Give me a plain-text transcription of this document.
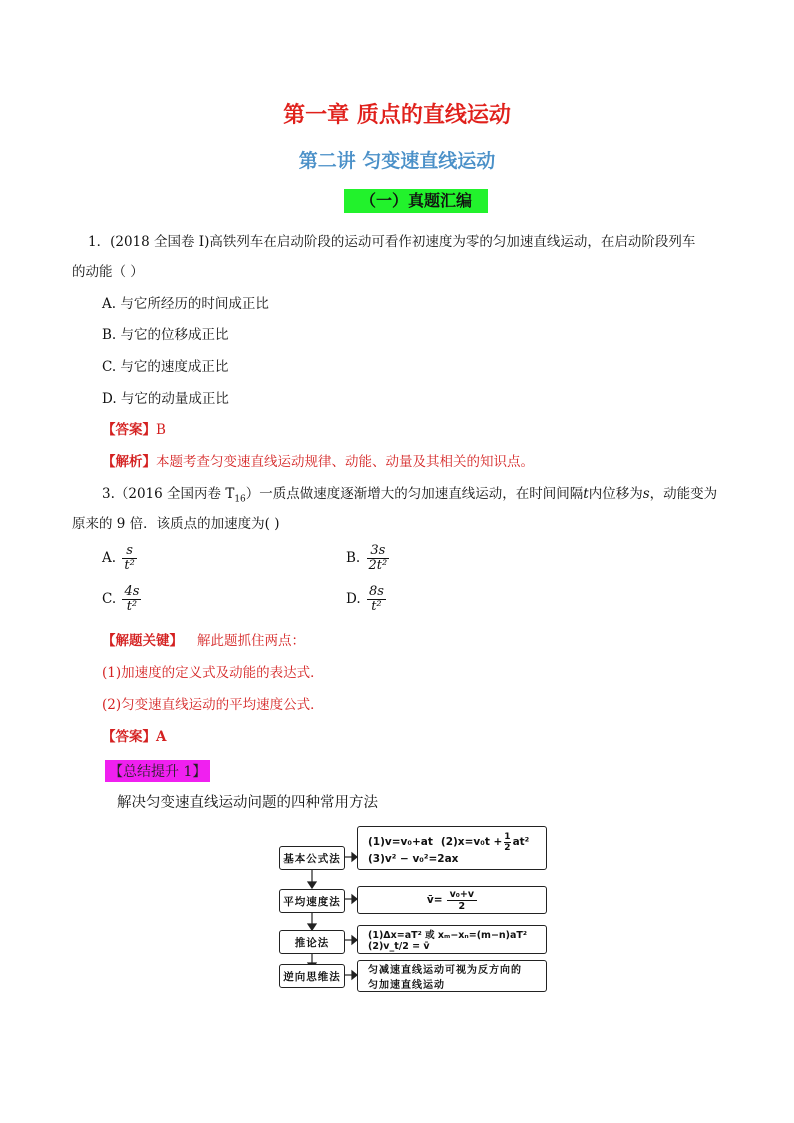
第一章 质点的直线运动
第二讲 匀变速直线运动
（一）真题汇编
1．(2018 全国卷 I)高铁列车在启动阶段的运动可看作初速度为零的匀加速直线运动，在启动阶段列车
的动能（ ）
A. 与它所经历的时间成正比
B. 与它的位移成正比
C. 与它的速度成正比
D. 与它的动量成正比
【答案】B
【解析】本题考查匀变速直线运动规律、动能、动量及其相关的知识点。
3.（2016 全国丙卷 $T_{16}$）一质点做速度逐渐增大的匀加速直线运动，在时间间隔t内位移为s，动能变为
原来的 9 倍．该质点的加速度为( )
A. $\frac{s}{\text{t²}}$	B. $\frac{3s}{\text{2t²}}$
C. $\frac{4s}{\text{t²}}$	D. $\frac{8s}{\text{t²}}$
【解题关键】 解此题抓住两点：
(1)加速度的定义式及动能的表达式．
(2)匀变速直线运动的平均速度公式．
【答案】A
【总结提升 1】
解决匀变速直线运动问题的四种常用方法
基本公式法
平均速度法
推论法
逆向思维法
(1)v=v₀+at $(2)x=v_0t + \frac{1}{2} at^2$
(3)v² − v₀²=2ax
v̄= $\frac{\text{v₀+v}}{2}$
(1)Δx=aT² 或 xₘ−xₙ=(m−n)aT²
(2)v_t/2 = v̄
匀减速直线运动可视为反方向的
匀加速直线运动
